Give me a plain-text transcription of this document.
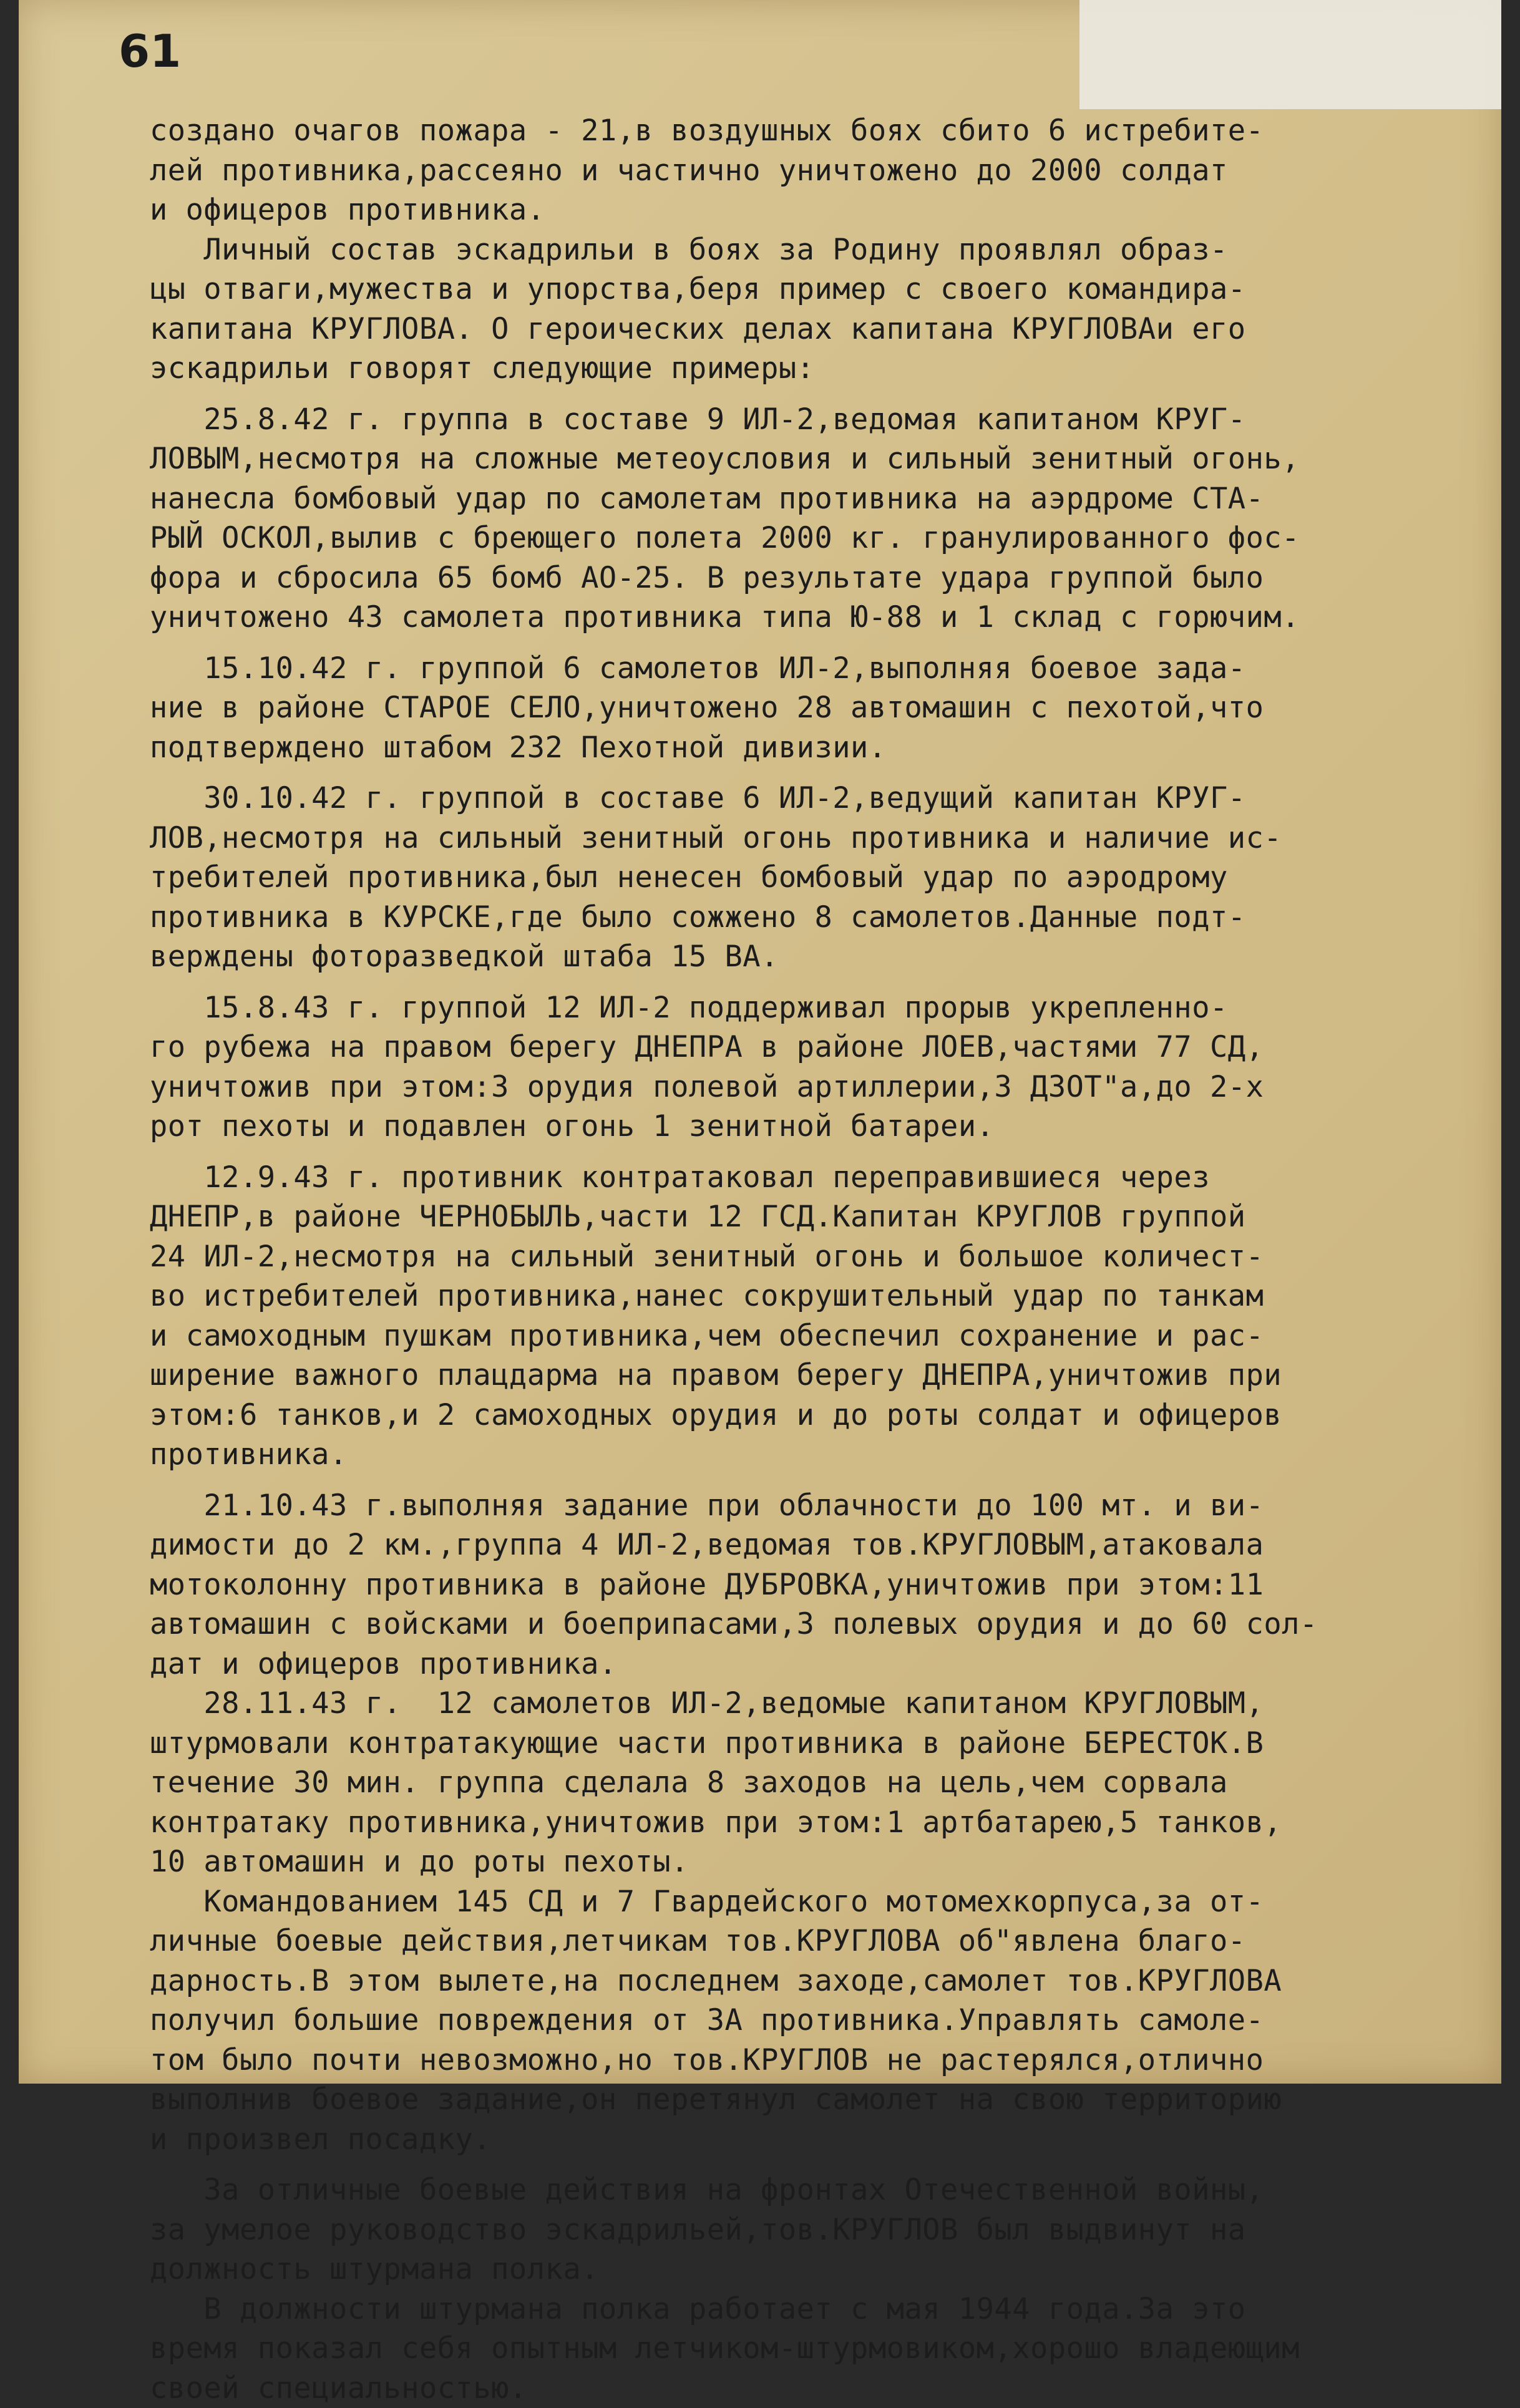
61
создано очагов пожара - 21,в воздушных боях сбито 6 истребите-
лей противника,рассеяно и частично уничтожено до 2000 солдат
и офицеров противника.
Личный состав эскадрильи в боях за Родину проявлял образ-
цы отваги,мужества и упорства,беря пример с своего командира-
капитана КРУГЛОВА. О героических делах капитана КРУГЛОВАи его
эскадрильи говорят следующие примеры:
25.8.42 г. группа в составе 9 ИЛ-2,ведомая капитаном КРУГ-
ЛОВЫМ,несмотря на сложные метеоусловия и сильный зенитный огонь,
нанесла бомбовый удар по самолетам противника на аэрдроме СТА-
РЫЙ ОСКОЛ,вылив с бреющего полета 2000 кг. гранулированного фос-
фора и сбросила 65 бомб АО-25. В результате удара группой было
уничтожено 43 самолета противника типа Ю-88 и 1 склад с горючим.
15.10.42 г. группой 6 самолетов ИЛ-2,выполняя боевое зада-
ние в районе СТАРОЕ СЕЛО,уничтожено 28 автомашин с пехотой,что
подтверждено штабом 232 Пехотной дивизии.
30.10.42 г. группой в составе 6 ИЛ-2,ведущий капитан КРУГ-
ЛОВ,несмотря на сильный зенитный огонь противника и наличие ис-
требителей противника,был ненесен бомбовый удар по аэродрому
противника в КУРСКЕ,где было сожжено 8 самолетов.Данные подт-
верждены фоторазведкой штаба 15 ВА.
15.8.43 г. группой 12 ИЛ-2 поддерживал прорыв укрепленно-
го рубежа на правом берегу ДНЕПРА в районе ЛОЕВ,частями 77 СД,
уничтожив при этом:3 орудия полевой артиллерии,3 ДЗОТ"а,до 2-х
рот пехоты и подавлен огонь 1 зенитной батареи.
12.9.43 г. противник контратаковал переправившиеся через
ДНЕПР,в районе ЧЕРНОБЫЛЬ,части 12 ГСД.Капитан КРУГЛОВ группой
24 ИЛ-2,несмотря на сильный зенитный огонь и большое количест-
во истребителей противника,нанес сокрушительный удар по танкам
и самоходным пушкам противника,чем обеспечил сохранение и рас-
ширение важного плацдарма на правом берегу ДНЕПРА,уничтожив при
этом:6 танков,и 2 самоходных орудия и до роты солдат и офицеров
противника.
21.10.43 г.выполняя задание при облачности до 100 мт. и ви-
димости до 2 км.,группа 4 ИЛ-2,ведомая тов.КРУГЛОВЫМ,атаковала
мотоколонну противника в районе ДУБРОВКА,уничтожив при этом:11
автомашин с войсками и боеприпасами,3 полевых орудия и до 60 сол-
дат и офицеров противника.
28.11.43 г.  12 самолетов ИЛ-2,ведомые капитаном КРУГЛОВЫМ,
штурмовали контратакующие части противника в районе БЕРЕСТОК.В
течение 30 мин. группа сделала 8 заходов на цель,чем сорвала
контратаку противника,уничтожив при этом:1 артбатарею,5 танков,
10 автомашин и до роты пехоты.
Командованием 145 СД и 7 Гвардейского мотомехкорпуса,за от-
личные боевые действия,летчикам тов.КРУГЛОВА об"явлена благо-
дарность.В этом вылете,на последнем заходе,самолет тов.КРУГЛОВА
получил большие повреждения от ЗА противника.Управлять самоле-
том было почти невозможно,но тов.КРУГЛОВ не растерялся,отлично
выполнив боевое задание,он перетянул самолет на свою территорию
и произвел посадку.
За отличные боевые действия на фронтах Отечественной войны,
за умелое руководство эскадрильей,тов.КРУГЛОВ был выдвинут на
должность штурмана полка.
В должности штурмана полка работает с мая 1944 года.За это
время показал себя опытным летчиком-штурмовиком,хорошо владеющим
своей специальностью.
